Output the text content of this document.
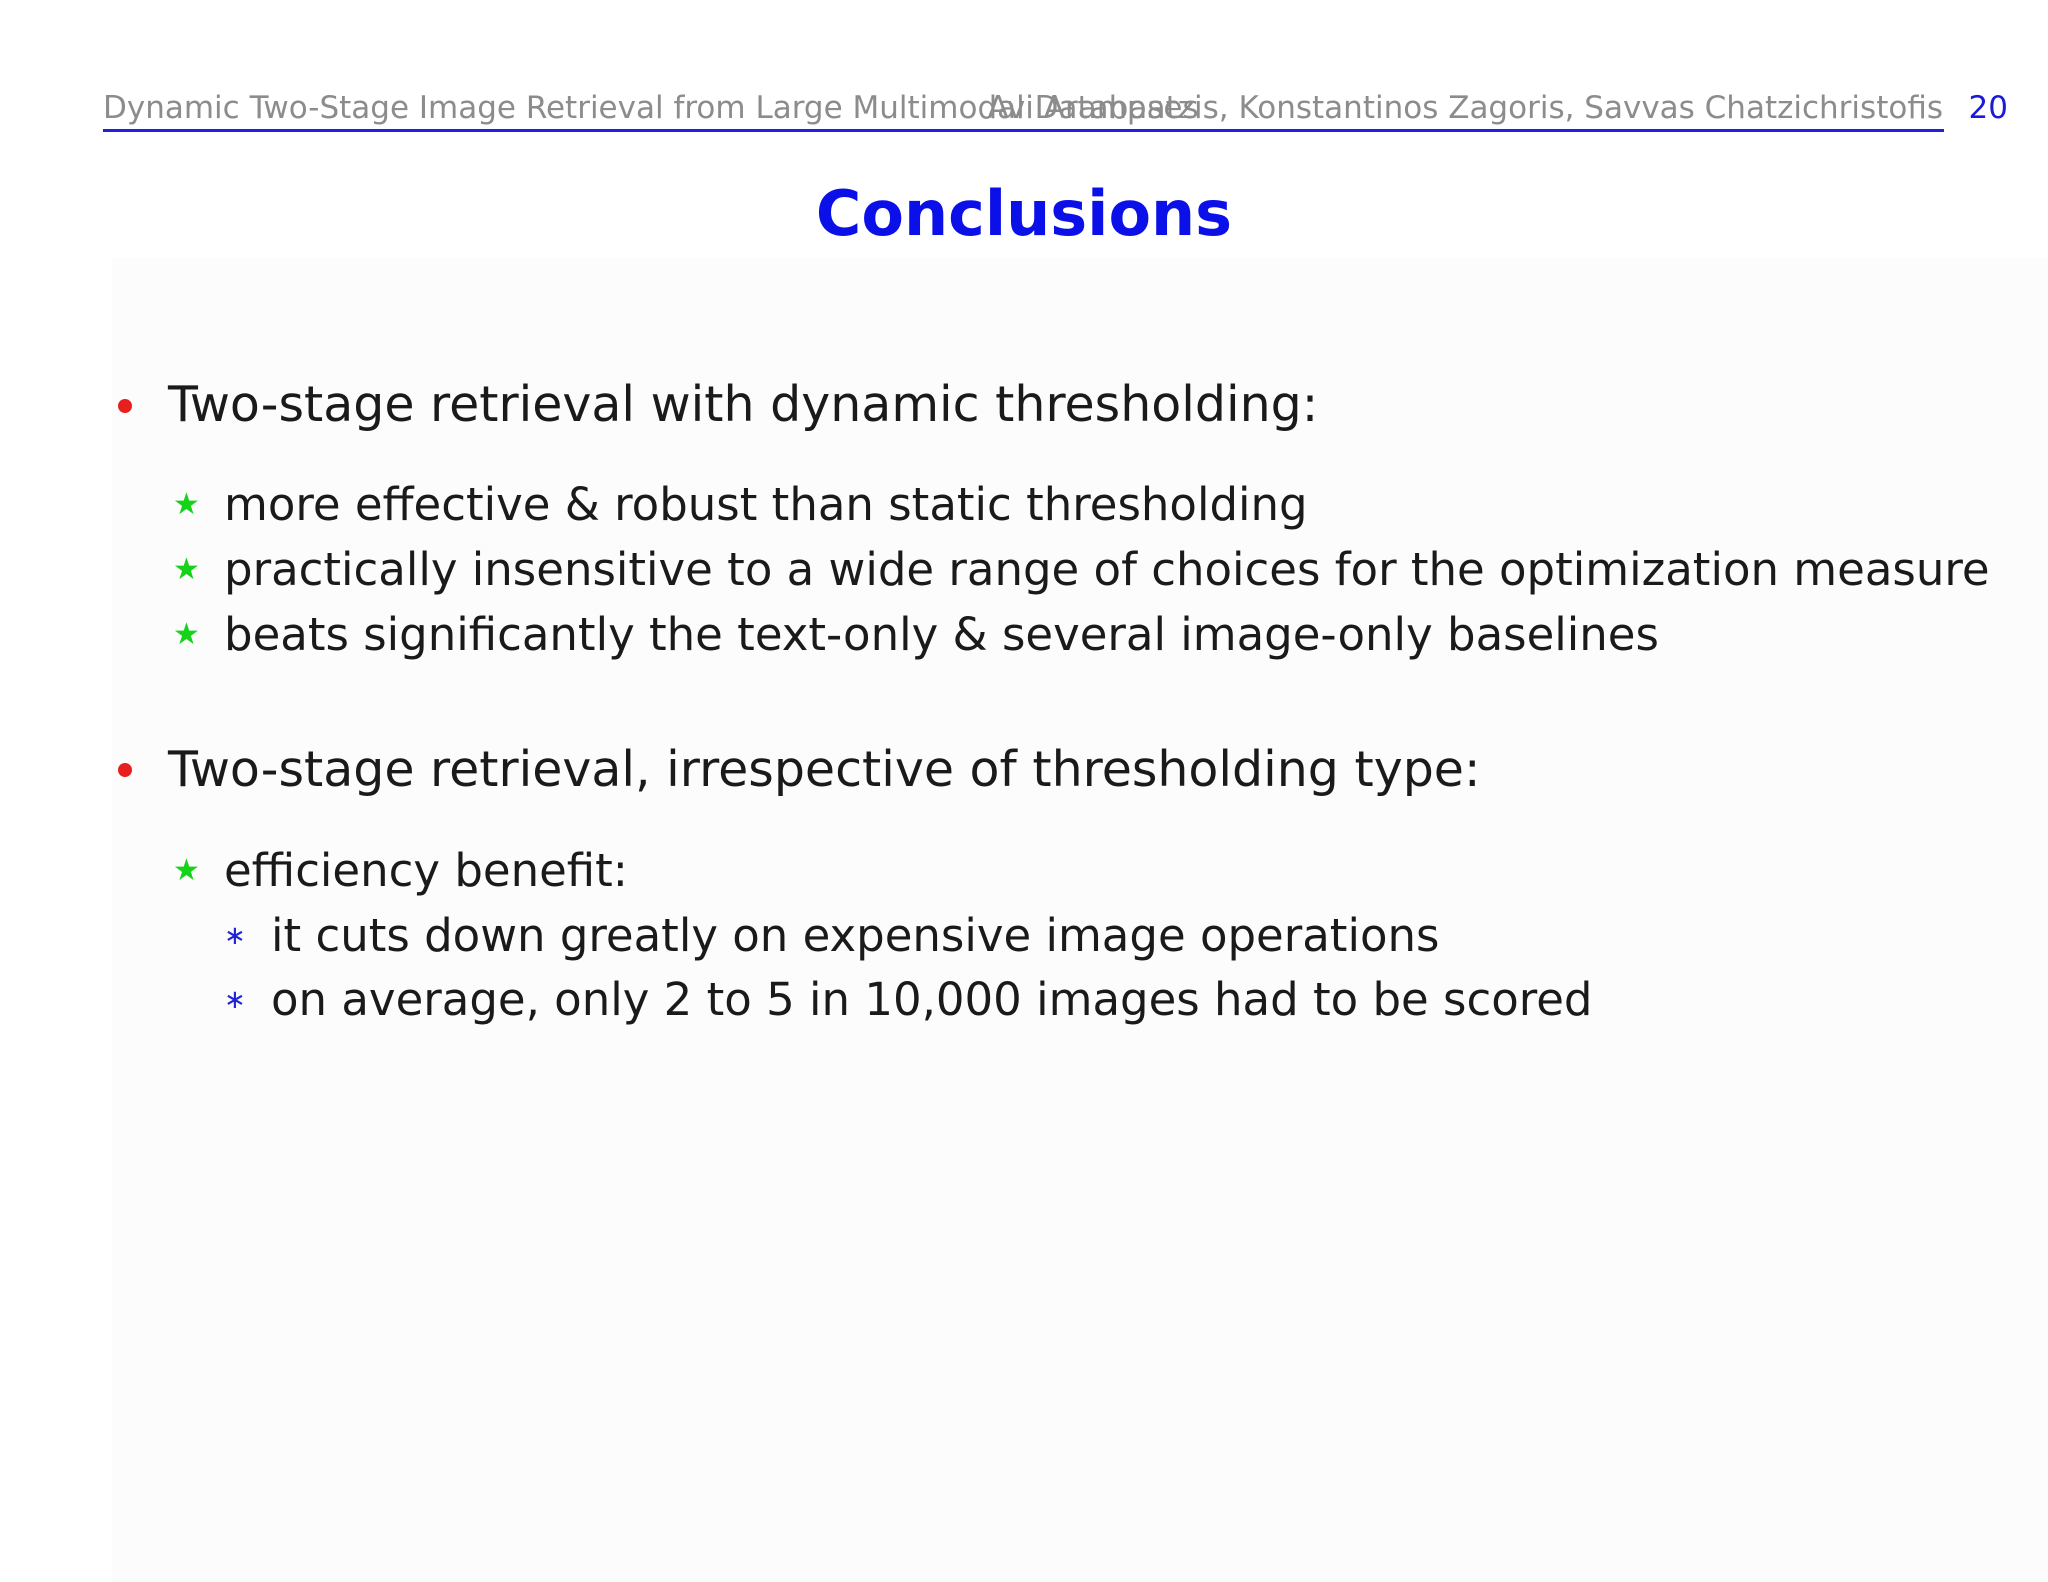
Dynamic Two-Stage Image Retrieval from Large Multimodal Databases
Avi Arampatzis, Konstantinos Zagoris, Savvas Chatzichristofis 20
Conclusions
Two-stage retrieval with dynamic thresholding:
★ more effective & robust than static thresholding
★ practically insensitive to a wide range of choices for the optimization measure
★ beats significantly the text-only & several image-only baselines
Two-stage retrieval, irrespective of thresholding type:
★ efficiency benefit:
∗ it cuts down greatly on expensive image operations
∗ on average, only 2 to 5 in 10,000 images had to be scored
